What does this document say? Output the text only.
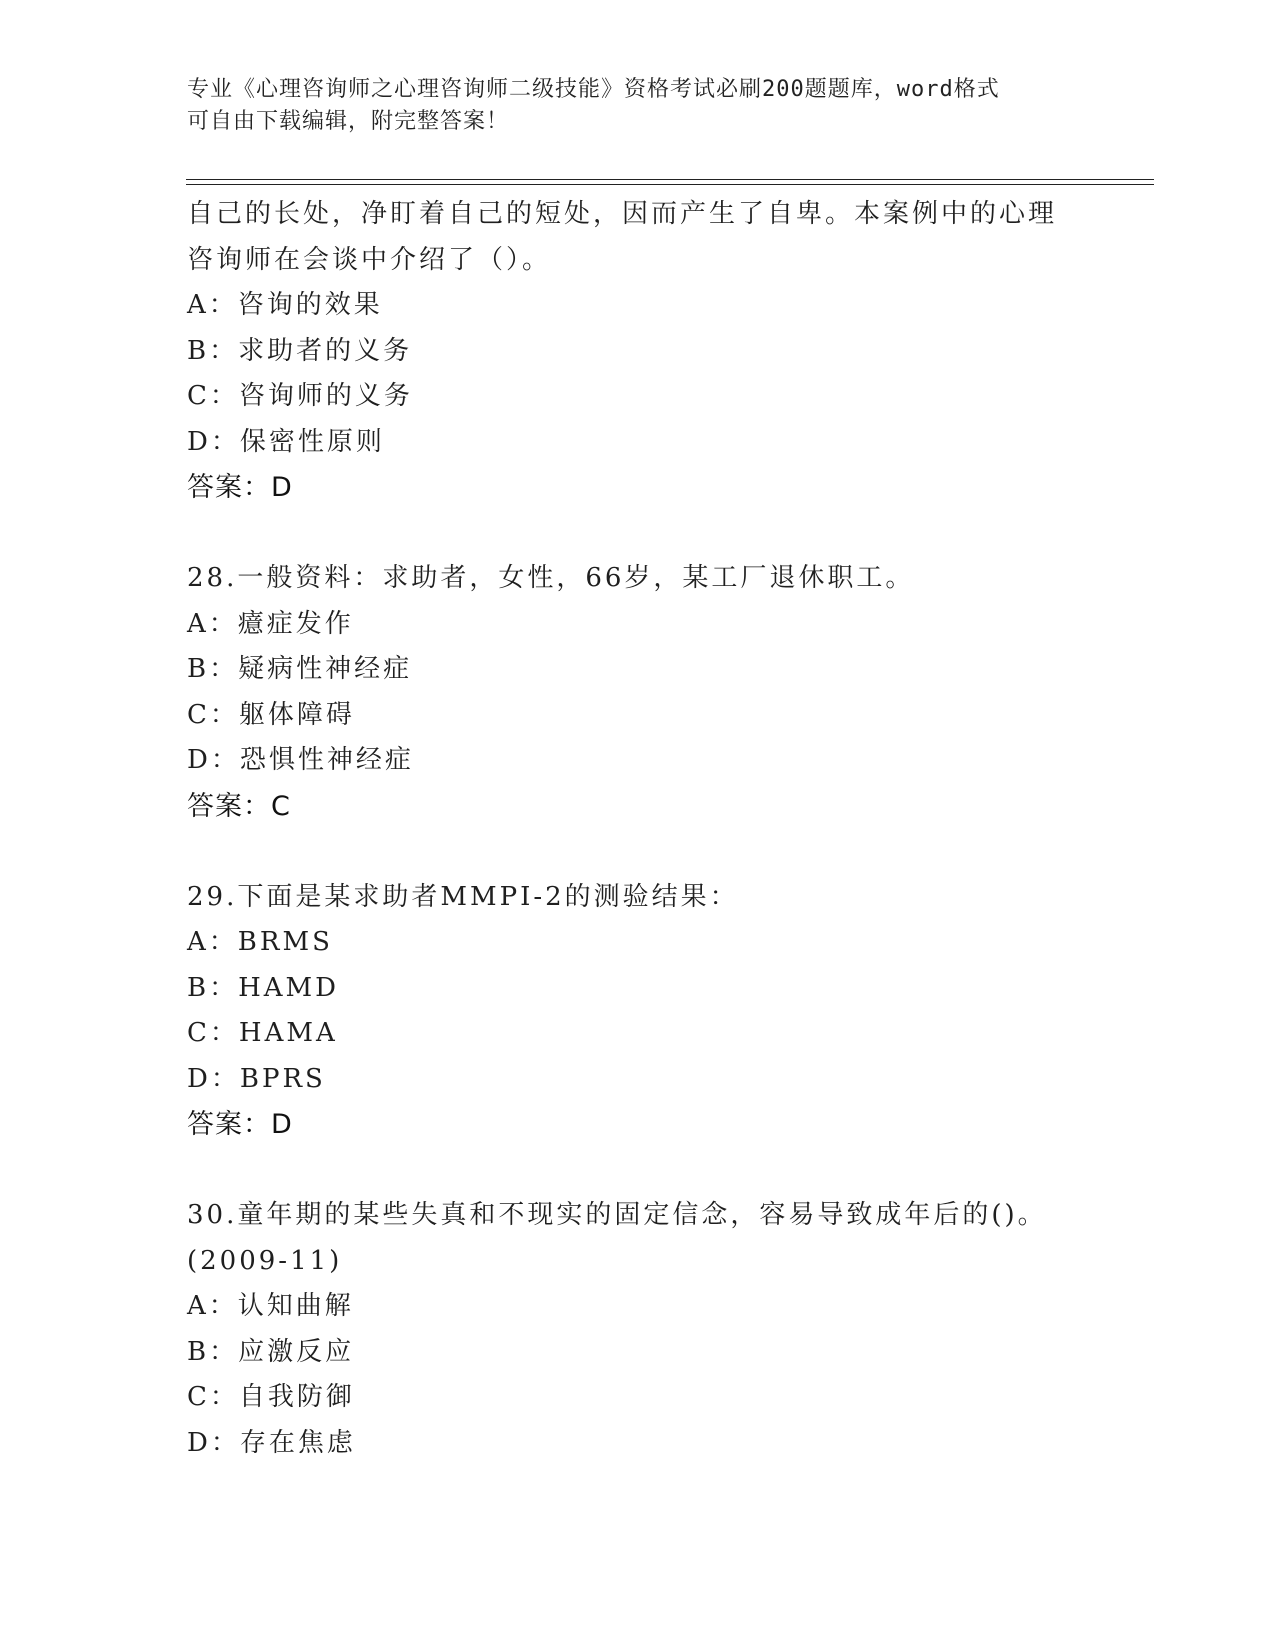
专业《心理咨询师之心理咨询师二级技能》资格考试必刷200题题库，word格式
可自由下载编辑，附完整答案！
自己的长处，净盯着自己的短处，因而产生了自卑。本案例中的心理
咨询师在会谈中介绍了（）。
A：咨询的效果
B：求助者的义务
C：咨询师的义务
D：保密性原则
答案：D
28.一般资料：求助者，女性，66岁，某工厂退休职工。
A：癔症发作
B：疑病性神经症
C：躯体障碍
D：恐惧性神经症
答案：C
29.下面是某求助者MMPI-2的测验结果：
A：BRMS
B：HAMD
C：HAMA
D：BPRS
答案：D
30.童年期的某些失真和不现实的固定信念，容易导致成年后的()。
(2009-11)
A：认知曲解
B：应激反应
C：自我防御
D：存在焦虑
